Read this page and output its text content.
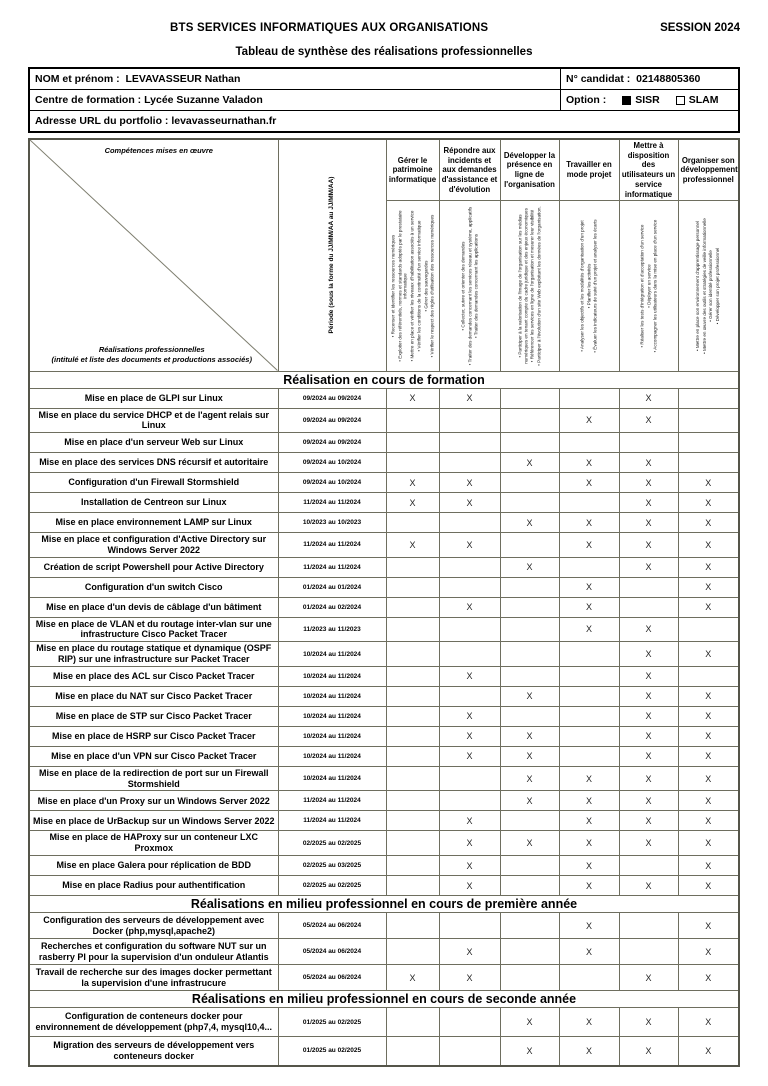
BTS SERVICES INFORMATIQUES AUX ORGANISATIONS	SESSION 2024
Tableau de synthèse des réalisations professionnelles
NOM et prénom : LEVAVASSEUR Nathan	N° candidat : 02148805360
Centre de formation : Lycée Suzanne Valadon	Option : SISR SLAM

Adresse URL du portfolio : levavasseurnathan.fr	
Compétences mises en œuvre
Réalisations professionnelles
(intitulé et liste des documents et productions associés)	Période (sous la forme du JJ/MM/AA au JJ/MM/AA)	Gérer le patrimoine informatique	Répondre aux incidents et aux demandes d'assistance et d'évolution	Développer la présence en ligne de l'organisation	Travailler en mode projet	Mettre à disposition des utilisateurs un service informatique	Organiser son développement professionnel

• Recenser et identifier les ressources numériques • Exploiter des référentiels, normes et standards adoptés par le prestataire informatique • Mettre en place et vérifier les niveaux d'habilitation associés à un service • Vérifier les conditions de la continuité d'un service informatique • Gérer des sauvegardes • Vérifier le respect des règles d'utilisation des ressources numériques	• Collecter, suivre et orienter des demandes • Traiter des demandes concernant les services réseau et système, applicatifs • Traiter des demandes concernant les applications	• Participer à la valorisation de l'image de l'organisation sur les médias numériques en tenant compte du cadre juridique et des enjeux économiques • Référencer les services en ligne de l'organisation et mesurer leur visibilité • Participer à l'évolution d'un site Web exploitant les données de l'organisation.	• Analyser les objectifs et les modalités d'organisation d'un projet • Planifier les activités • Évaluer les indicateurs de suivi d'un projet et analyser les écarts	• Réaliser les tests d'intégration et d'acceptation d'un service • Déployer un service • Accompagner les utilisateurs dans la mise en place d'un service	• Mettre en place son environnement d'apprentissage personnel • Mettre en œuvre des outils et stratégies de veille informationnelle • Gérer son identité professionnelle • Développer son projet professionnel

Réalisation en cours de formation							
Mise en place de GLPI sur Linux	09/2024 au 09/2024	X	X			X	
Mise en place du service DHCP et de l'agent relais sur Linux	09/2024 au 09/2024				X	X	
Mise en place d'un serveur Web sur Linux	09/2024 au 09/2024						
Mise en place des services DNS récursif et autoritaire	09/2024 au 10/2024			X	X	X	
Configuration d'un Firewall Stormshield	09/2024 au 10/2024	X	X		X	X	X
Installation de Centreon sur Linux	11/2024 au 11/2024	X	X			X	X
Mise en place environnement LAMP sur Linux	10/2023 au 10/2023			X	X	X	X
Mise en place et configuration d'Active Directory sur Windows Server 2022	11/2024 au 11/2024	X	X		X	X	X
Création de script Powershell pour Active Directory	11/2024 au 11/2024			X		X	X
Configuration d'un switch Cisco	01/2024 au 01/2024				X		X
Mise en place d'un devis de câblage d'un bâtiment	01/2024 au 02/2024		X		X		X
Mise en place de VLAN et du routage inter-vlan sur une infrastructure Cisco Packet Tracer	11/2023 au 11/2023				X	X	
Mise en place du routage statique et dynamique (OSPF RIP) sur une infrastructure sur Packet Tracer	10/2024 au 11/2024					X	X
Mise en place des ACL sur Cisco Packet Tracer	10/2024 au 11/2024		X			X	
Mise en place du NAT sur Cisco Packet Tracer	10/2024 au 11/2024			X		X	X
Mise en place de STP sur Cisco Packet Tracer	10/2024 au 11/2024		X			X	X
Mise en place de HSRP sur Cisco Packet Tracer	10/2024 au 11/2024		X	X		X	X
Mise en place d'un VPN sur Cisco Packet Tracer	10/2024 au 11/2024		X	X		X	X
Mise en place de la redirection de port sur un Firewall Stormshield	10/2024 au 11/2024			X	X	X	X
Mise en place d'un Proxy sur un Windows Server 2022	11/2024 au 11/2024			X	X	X	X
Mise en place de UrBackup sur un Windows Server 2022	11/2024 au 11/2024		X		X	X	X
Mise en place de HAProxy sur un conteneur LXC Proxmox	02/2025 au 02/2025		X	X	X	X	X
Mise en place Galera pour réplication de BDD	02/2025 au 03/2025		X		X		X
Mise en place Radius pour authentification	02/2025 au 02/2025		X		X	X	X
Réalisations en milieu professionnel en cours de première année							
Configuration des serveurs de développement avec Docker (php,mysql,apache2)	05/2024 au 06/2024				X		X
Recherches et configuration du software NUT sur un rasberry PI pour la supervision d'un onduleur Atlantis	05/2024 au 06/2024		X		X		X
Travail de recherche sur des images docker permettant la supervision d'une infrastrucure	05/2024 au 06/2024	X	X			X	X
Réalisations en milieu professionnel en cours de seconde année							
Configuration de conteneurs docker pour environnement de développement (php7,4, mysql10,4...	01/2025 au 02/2025			X	X	X	X
Migration des serveurs de développement vers conteneurs docker	01/2025 au 02/2025			X	X	X	X
